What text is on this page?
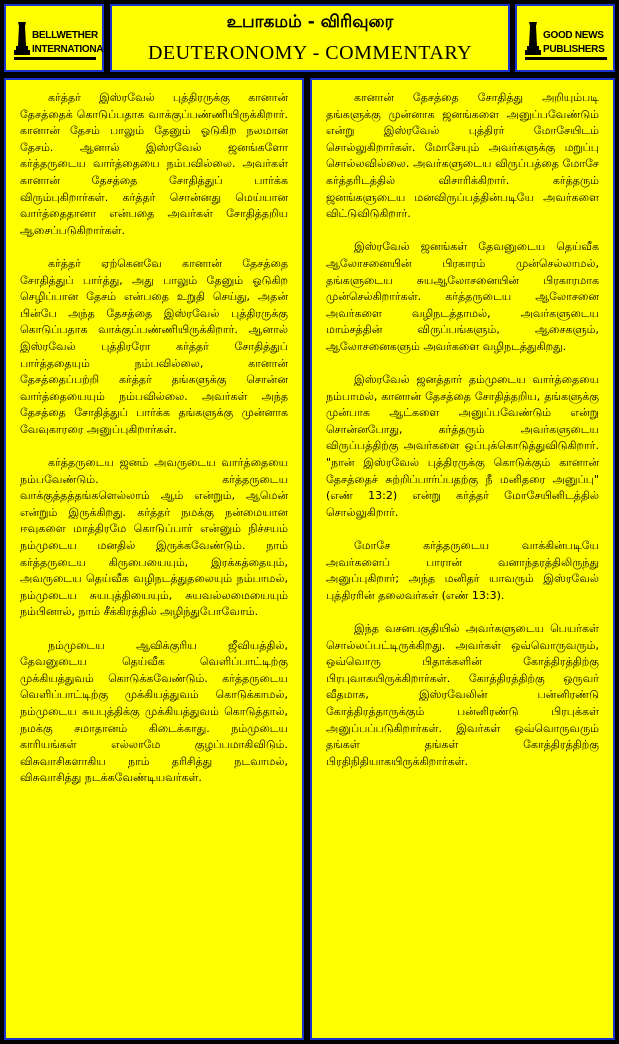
BELLWETHER
INTERNATIONAL
உபாகமம் - விரிவுரை
DEUTERONOMY - COMMENTARY
GOOD NEWS
PUBLISHERS

கர்த்தர் இஸ்ரவேல் புத்திரருக்கு கானான் தேசத்தைக் கொடுப்பதாக வாக்குப்பண்ணியிருக்கிறார். கானான் தேசம் பாலும் தேனும் ஓடுகிற நலமான தேசம். ஆனால் இஸ்ரவேல் ஜனங்களோ கர்த்தருடைய வார்த்தையை நம்பவில்லை. அவர்கள் கானான் தேசத்தை சோதித்துப் பார்க்க விரும்புகிறார்கள். கர்த்தர் சொன்னது மெய்யான வார்த்தைதானா என்பதை அவர்கள் சோதித்தறிய ஆசைப்படுகிறார்கள்.

கர்த்தர் ஏற்கெனவே கானான் தேசத்தை சோதித்துப் பார்த்து, அது பாலும் தேனும் ஓடுகிற செழிப்பான தேசம் என்பதை உறுதி செய்து, அதன் பின்பே அந்த தேசத்தை இஸ்ரவேல் புத்திரருக்கு கொடுப்பதாக வாக்குப்பண்ணியிருக்கிறார். ஆனால் இஸ்ரவேல் புத்திரரோ கர்த்தர் சோதித்துப் பார்த்ததையும் நம்பவில்லை, கானான் தேசத்தைப்பற்றி கர்த்தர் தங்களுக்கு சொன்ன வார்த்தையையும் நம்பவில்லை. அவர்கள் அந்த தேசத்தை சோதித்துப் பார்க்க தங்களுக்கு முன்னாக வேவுகாரரை அனுப்புகிறார்கள்.

கர்த்தருடைய ஜனம் அவருடைய வார்த்தையை நம்பவேண்டும். கர்த்தருடைய வாக்குத்தத்தங்களெல்லாம் ஆம் என்றும், ஆமென் என்றும் இருக்கிறது. கர்த்தர் நமக்கு நன்மையான ஈவுகளை மாத்திரமே கொடுப்பார் என்னும் நிச்சயம் நம்முடைய மனதில் இருக்கவேண்டும். நாம் கர்த்தருடைய கிருபையையும், இரக்கத்தையும், அவருடைய தெய்வீக வழிநடத்துதலையும் நம்பாமல், நம்முடைய சுயபுத்தியையும், சுயவல்லமையையும் நம்பினால், நாம் சீக்கிரத்தில் அழிந்துபோவோம்.

நம்முடைய ஆவிக்குரிய ஜீவியத்தில், தேவனுடைய தெய்வீக வெளிப்பாட்டிற்கு முக்கியத்துவம் கொடுக்கவேண்டும். கர்த்தருடைய வெளிப்பாட்டிற்கு முக்கியத்துவம் கொடுக்காமல், நம்முடைய சுயபுத்திக்கு முக்கியத்துவம் கொடுத்தால், நமக்கு சமாதானம் கிடைக்காது. நம்முடைய காரியங்கள் எல்லாமே குழப்பமாகிவிடும். விசுவாசிகளாகிய நாம் தரிசித்து நடவாமல், விசுவாசித்து நடக்கவேண்டியவர்கள்.

கானான் தேசத்தை சோதித்து அறியும்படி தங்களுக்கு முன்னாக ஜனங்களை அனுப்பவேண்டும் என்று இஸ்ரவேல் புத்திரர் மோசேயிடம் சொல்லுகிறார்கள். மோசேயும் அவர்களுக்கு மறுப்பு சொல்லவில்லை. அவர்களுடைய விருப்பத்தை மோசே கர்த்தரிடத்தில் விசாரிக்கிறார். கர்த்தரும் ஜனங்களுடைய மனவிருப்பத்தின்படியே அவர்களை விட்டுவிடுகிறார்.

இஸ்ரவேல் ஜனங்கள் தேவனுடைய தெய்வீக ஆலோசனையின் பிரகாரம் முன்செல்லாமல், தங்களுடைய சுயஆலோசனையின் பிரகாரமாக முன்செல்கிறார்கள். கர்த்தருடைய ஆலோசனை அவர்களை வழிநடத்தாமல், அவர்களுடைய மாம்சத்தின் விருப்பங்களும், ஆசைகளும், ஆலோசனைகளும் அவர்களை வழிநடத்துகிறது.

இஸ்ரவேல் ஜனத்தார் தம்முடைய வார்த்தையை நம்பாமல், கானான் தேசத்தை சோதித்தறிய, தங்களுக்கு முன்பாக ஆட்களை அனுப்பவேண்டும் என்று சொன்னபோது, கர்த்தரும் அவர்களுடைய விருப்பத்திற்கு அவர்களை ஒப்புக்கொடுத்துவிடுகிறார். "நான் இஸ்ரவேல் புத்திரருக்கு கொடுக்கும் கானான் தேசத்தைச் சுற்றிப்பார்ப்பதற்கு நீ மனிதரை அனுப்பு" (எண் 13:2) என்று கர்த்தர் மோசேயினிடத்தில் சொல்லுகிறார்.

மோசே கர்த்தருடைய வாக்கின்படியே அவர்களைப் பாரான் வனாந்தரத்திலிருந்து அனுப்புகிறார்; அந்த மனிதர் யாவரும் இஸ்ரவேல் புத்திரரின் தலைவர்கள் (எண் 13:3).

இந்த வசனபகுதியில் அவர்களுடைய பெயர்கள் சொல்லப்பட்டிருக்கிறது. அவர்கள் ஒவ்வொருவரும், ஒவ்வொரு பிதாக்களின் கோத்திரத்திற்கு பிரபுவாகயிருக்கிறார்கள். கோத்திரத்திற்கு ஒருவர் வீதமாக, இஸ்ரவேலின் பன்னிரண்டு கோத்திரத்தாருக்கும் பன்னிரண்டு பிரபுக்கள் அனுப்பப்படுகிறார்கள். இவர்கள் ஒவ்வொருவரும் தங்கள் தங்கள் கோத்திரத்திற்கு பிரதிநிதியாகயிருக்கிறார்கள்.
